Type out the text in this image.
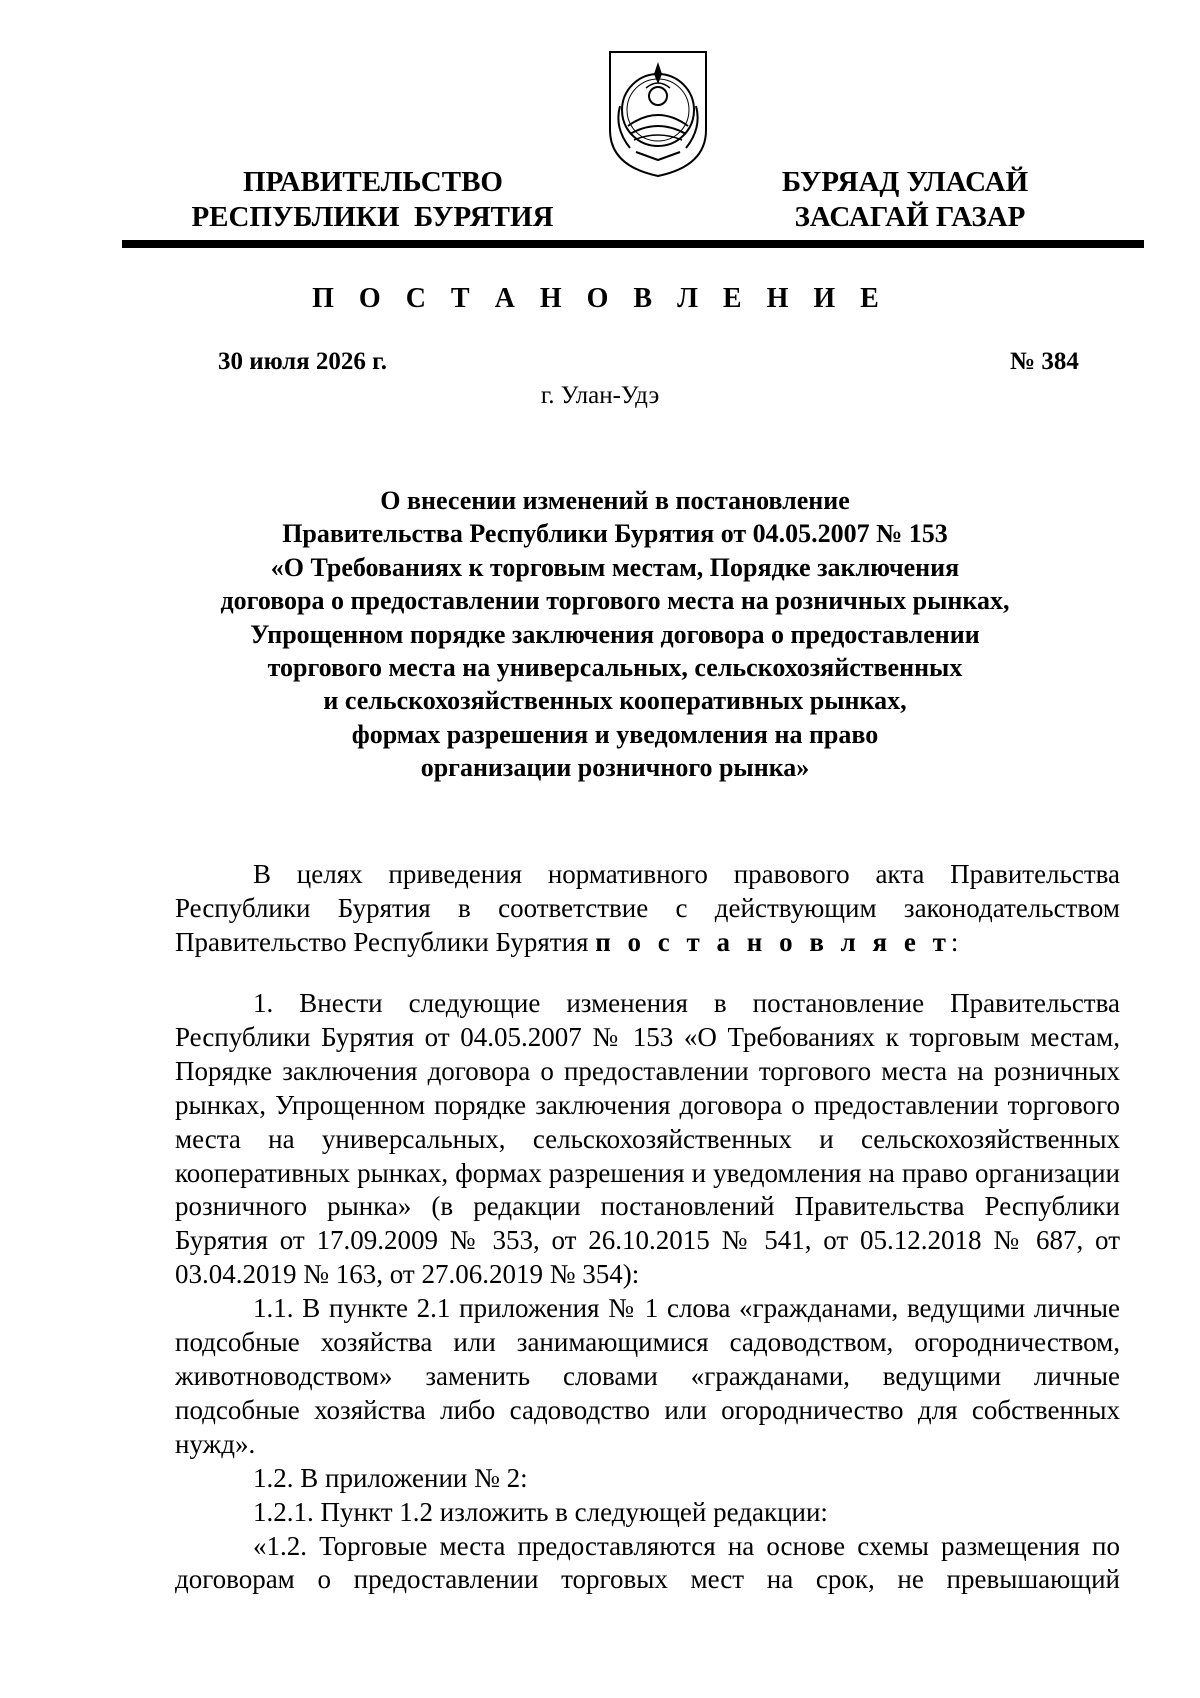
ПРАВИТЕЛЬСТВО
РЕСПУБЛИКИ  БУРЯТИЯ
БУРЯАД УЛАСАЙ
ЗАСАГАЙ ГАЗАР
П О С Т А Н О В Л Е Н И Е
30 июля 2026 г.	№ 384
г. Улан-Удэ
О внесении изменений в постановление
Правительства Республики Бурятия от 04.05.2007 № 153
«О Требованиях к торговым местам, Порядке заключения
договора о предоставлении торгового места на розничных рынках,
Упрощенном порядке заключения договора о предоставлении
торгового места на универсальных, сельскохозяйственных
и сельскохозяйственных кооперативных рынках,
формах разрешения и уведомления на право
организации розничного рынка»

В целях приведения нормативного правового акта Правительства Республики Бурятия в соответствие с действующим законодательством Правительство Республики Бурятия п о с т а н о в л я е т:

1. Внести следующие изменения в постановление Правительства Республики Бурятия от 04.05.2007 № 153 «О Требованиях к торговым местам, Порядке заключения договора о предоставлении торгового места на розничных рынках, Упрощенном порядке заключения договора о предоставлении торгового места на универсальных, сельскохозяйственных и сельскохозяйственных кооперативных рынках, формах разрешения и уведомления на право организации розничного рынка» (в редакции постановлений Правительства Республики Бурятия от 17.09.2009 № 353, от 26.10.2015 № 541, от 05.12.2018 № 687, от 03.04.2019 № 163, от 27.06.2019 № 354):

1.1. В пункте 2.1 приложения № 1 слова «гражданами, ведущими личные подсобные хозяйства или занимающимися садоводством, огородничеством, животноводством» заменить словами «гражданами, ведущими личные подсобные хозяйства либо садоводство или огородничество для собственных нужд».

1.2. В приложении № 2:

1.2.1. Пункт 1.2 изложить в следующей редакции:

«1.2. Торговые места предоставляются на основе схемы размещения по договорам о предоставлении торговых мест на срок, не превышающий
